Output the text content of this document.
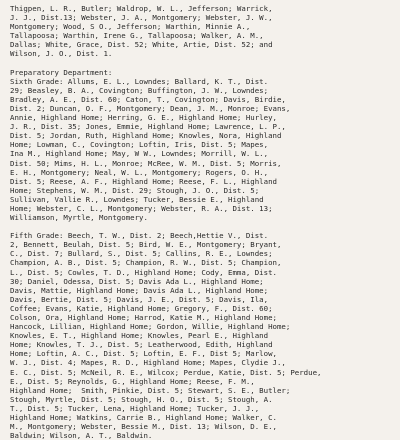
Thigpen, L. R., Butler; Waldrop, W. L., Jefferson; Warrick,
J. J., Dist.13; Webster, J. A., Montgomery; Webster, J. W.,
Montgomery; Wood, S O., Jefferson; Warthin, Minnie A.,
Tallapoosa; Warthin, Irene G., Tallapoosa; Walker, A. M.,
Dallas; White, Grace, Dist. 52; White, Artie, Dist. 52; and
Wilson, J. O., Dist. 1.
Preparatory Department:
Sixth Grade: Allums, E. L., Lowndes; Ballard, K. T., Dist.
29; Beasley, B. A., Covington; Buffington, J. W., Lowndes;
Bradley, A. E., Dist. 60; Caton, T., Covington; Davis, Birdie,
Dist. 2; Duncan, O. F., Montgomery; Dean, J. M., Monroe; Evans,
Annie, Highland Home; Herring, G. E., Highland Home; Hurley,
J. R., Dist. 35; Jones, Emmie, Highland Home; Lawrence, L. P.,
Dist. 5; Jordan, Ruth, Highland Home; Knowles, Nora, Highland
Home; Lowman, C., Covington; Loftin, Iris, Dist. 5; Mapes,
Ina M., Highland Home; May, W W., Lowndes; Morrill, W. L.,
Dist. 50; Mims, H. L., Monroe; McRee, W. M., Dist. 5; Morris,
E. H., Montgomery; Neal, W. L., Montgomery; Rogers, O. H.,
Dist. 5; Reese, A. F., Highland Home; Reese, F. L., Highland
Home; Stephens, W. M., Dist. 29; Stough, J. O., Dist. 5;
Sullivan, Vallie R., Lowndes; Tucker, Bessie E., Highland
Home; Webster, C. L., Montgomery; Webster, R. A., Dist. 13;
Williamson, Myrtle, Montgomery.
Fifth Grade: Beech, T. W., Dist. 2; Beech,Hettie V., Dist.
2, Bennett, Beulah, Dist. 5; Bird, W. E., Montgomery; Bryant,
C., Dist. 7; Bullard, S., Dist. 5; Callins, R. E., Lowndes;
Champion, A. B., Dist. 5; Champion, R. W., Dist. 5; Champion,
L., Dist. 5; Cowles, T. D., Highland Home; Cody, Emma, Dist.
30; Daniel, Odessa, Dist. 5; Davis Ada L., Highland Home;
Davis, Mattie, Highland Home; Davis Ada L., Highland Home;
Davis, Bertie, Dist. 5; Davis, J. E., Dist. 5; Davis, Ila,
Coffee; Evans, Katie, Highland Home; Gregory, F., Dist. 60;
Colson, Ora, Highland Home; Harrod, Katie M., Highland Home;
Hancock, Lillian, Highland Home; Gordon, Willie, Highland Home;
Knowles, E. T., Highland Home; Knowles, Pearl E., Highland
Home; Knowles, T. J., Dist. 5; Leatherwood, Edith, Highland
Home; Loftin, A. C., Dist. 5; Loftin, E. F., Dist 5; Marlow,
W. J., Dist. 4; Mapes, R. D., Highland Home; Mapes, Clydie J.,
E. C., Dist. 5; McNeil, R. E., Wilcox; Perdue, Katie, Dist. 5; Perdue,
E., Dist. 5; Reynolds, G., Highland Home; Reese, F. M.,
Highland Home;  Smith, Pinkie, Dist. 5; Stewart, S. E., Butler;
Stough, Myrtle, Dist. 5; Stough, H. O., Dist. 5; Stough, A.
T., Dist. 5; Tucker, Lena, Highland Home; Tucker, J. J.,
Highland Home; Watkins, Carrie B., Highland Home; Walker, C.
M., Montgomery; Webster, Bessie M., Dist. 13; Wilson, D. E.,
Baldwin; Wilson, A. T., Baldwin.
